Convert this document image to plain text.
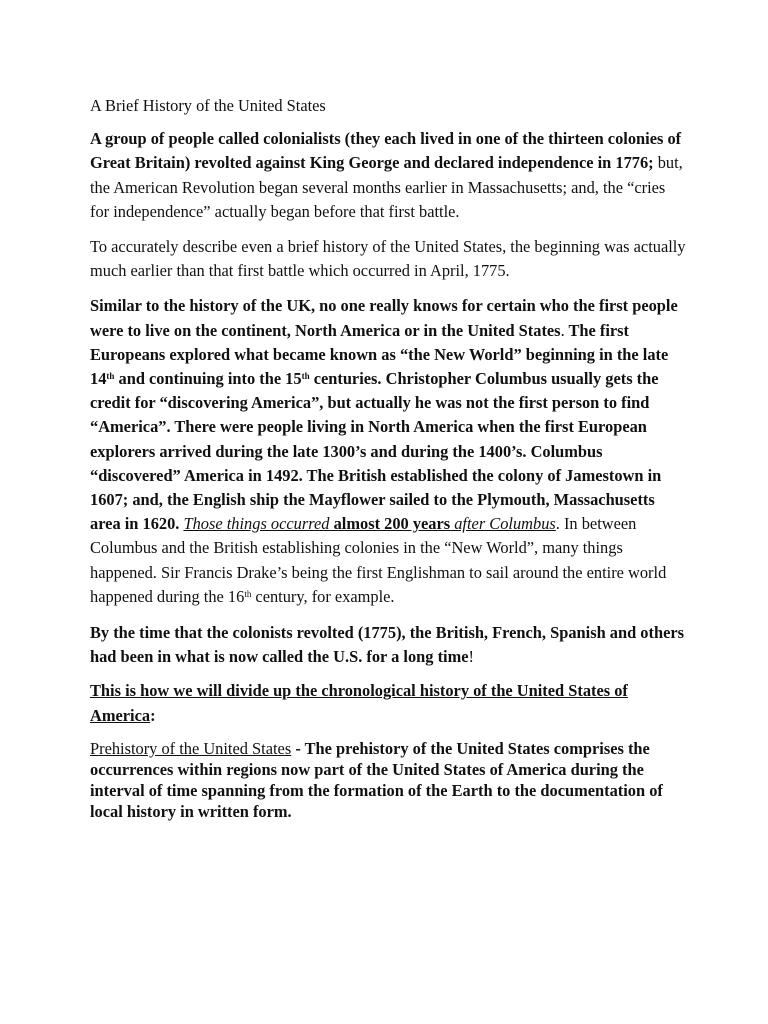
A Brief History of the United States

A group of people called colonialists (they each lived in one of the thirteen colonies of Great Britain) revolted against King George and declared independence in 1776; but, the American Revolution began several months earlier in Massachusetts; and, the “cries for independence” actually began before that first battle.

To accurately describe even a brief history of the United States, the beginning was actually much earlier than that first battle which occurred in April, 1775.

Similar to the history of the UK, no one really knows for certain who the first people were to live on the continent, North America or in the United States. The first Europeans explored what became known as “the New World” beginning in the late 14th and continuing into the 15th centuries. Christopher Columbus usually gets the credit for “discovering America”, but actually he was not the first person to find “America”. There were people living in North America when the first European explorers arrived during the late 1300’s and during the 1400’s. Columbus “discovered” America in 1492. The British established the colony of Jamestown in 1607; and, the English ship the Mayflower sailed to the Plymouth, Massachusetts area in 1620. Those things occurred almost 200 years after Columbus. In between Columbus and the British establishing colonies in the “New World”, many things happened. Sir Francis Drake’s being the first Englishman to sail around the entire world happened during the 16th century, for example.

By the time that the colonists revolted (1775), the British, French, Spanish and others had been in what is now called the U.S. for a long time!

This is how we will divide up the chronological history of the United States of America:

Prehistory of the United States - The prehistory of the United States comprises the occurrences within regions now part of the United States of America during the interval of time spanning from the formation of the Earth to the documentation of local history in written form.
